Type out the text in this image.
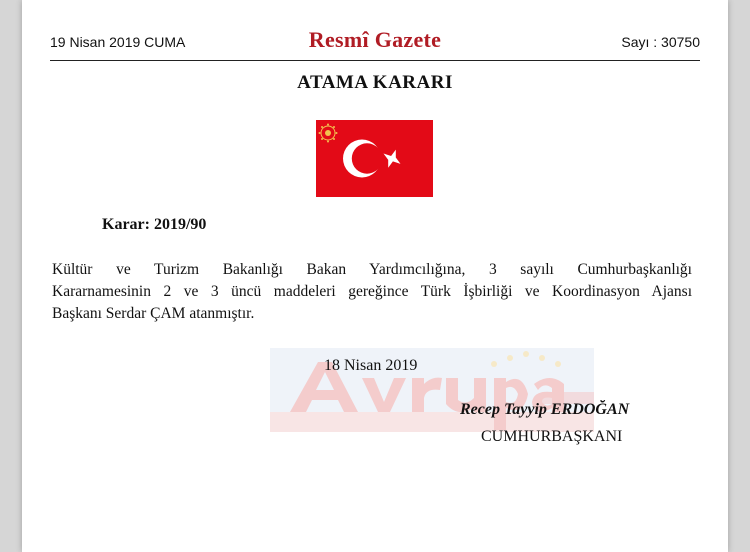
19 Nisan 2019 CUMA	Resmî Gazete	Sayı : 30750
ATAMA KARARI
Karar: 2019/90
Kültür ve Turizm Bakanlığı Bakan Yardımcılığına, 3 sayılı Cumhurbaşkanlığı
Kararnamesinin 2 ve 3 üncü maddeleri gereğince Türk İşbirliği ve Koordinasyon Ajansı
Başkanı Serdar ÇAM atanmıştır.
18 Nisan 2019
Recep Tayyip ERDOĞAN
CUMHURBAŞKANI
